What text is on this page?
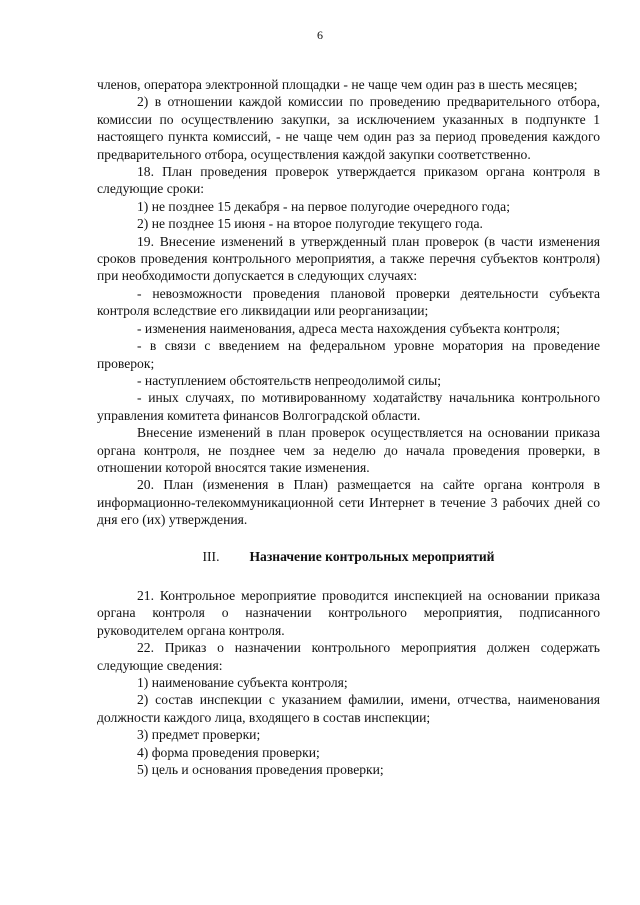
6

членов, оператора электронной площадки - не чаще чем один раз в шесть месяцев;

2) в отношении каждой комиссии по проведению предварительного отбора, комиссии по осуществлению закупки, за исключением указанных в подпункте 1 настоящего пункта комиссий, - не чаще чем один раз за период проведения каждого предварительного отбора, осуществления каждой закупки соответственно.

18. План проведения проверок утверждается приказом органа контроля в следующие сроки:

1) не позднее 15 декабря - на первое полугодие очередного года;

2) не позднее 15 июня - на второе полугодие текущего года.

19. Внесение изменений в утвержденный план проверок (в части изменения сроков проведения контрольного мероприятия, а также перечня субъектов контроля) при необходимости допускается в следующих случаях:

- невозможности проведения плановой проверки деятельности субъекта контроля вследствие его ликвидации или реорганизации;

- изменения наименования, адреса места нахождения субъекта контроля;

- в связи с введением на федеральном уровне моратория на проведение проверок;

- наступлением обстоятельств непреодолимой силы;

- иных случаях, по мотивированному ходатайству начальника контрольного управления комитета финансов Волгоградской области.

Внесение изменений в план проверок осуществляется на основании приказа органа контроля, не позднее чем за неделю до начала проведения проверки, в отношении которой вносятся такие изменения.

20. План (изменения в План) размещается на сайте органа контроля в информационно-телекоммуникационной сети Интернет в течение 3 рабочих дней со дня его (их) утверждения.

III. Назначение контрольных мероприятий

21. Контрольное мероприятие проводится инспекцией на основании приказа органа контроля о назначении контрольного мероприятия, подписанного руководителем органа контроля.

22. Приказ о назначении контрольного мероприятия должен содержать следующие сведения:

1) наименование субъекта контроля;

2) состав инспекции с указанием фамилии, имени, отчества, наименования должности каждого лица, входящего в состав инспекции;

3) предмет проверки;

4) форма проведения проверки;

5) цель и основания проведения проверки;
